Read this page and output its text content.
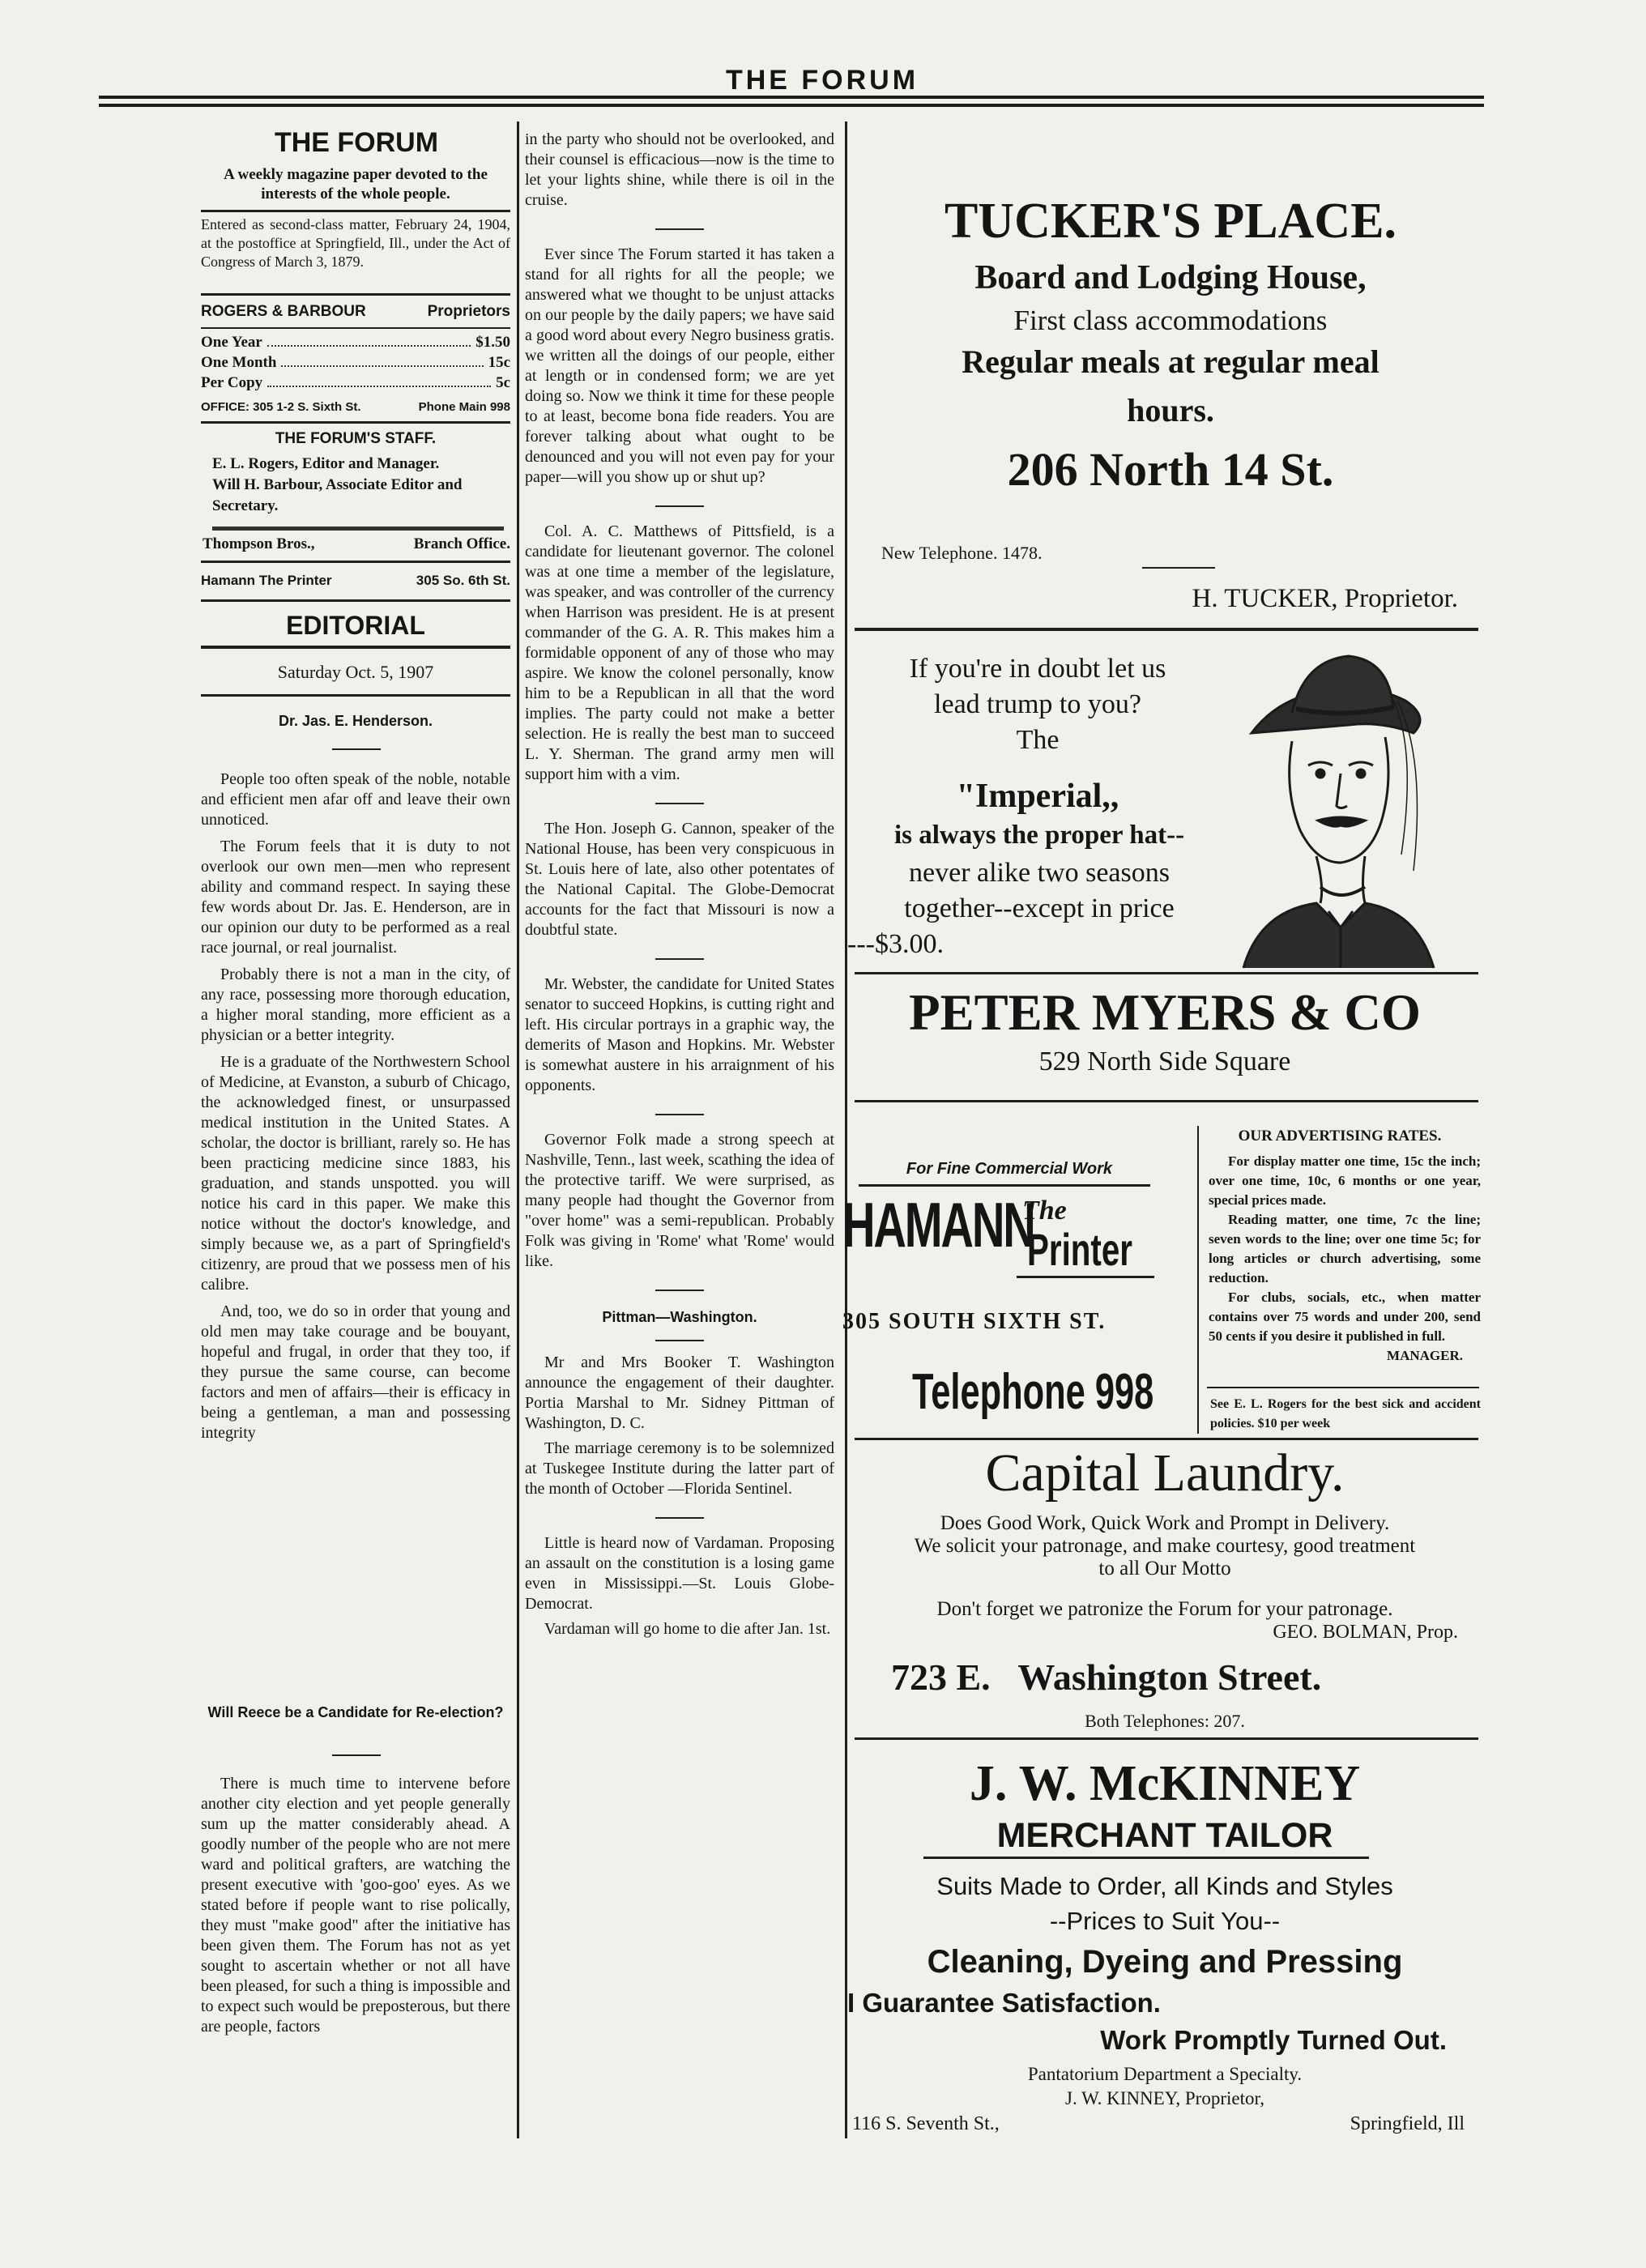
THE FORUM
THE FORUM
A weekly magazine paper devoted to the interests of the whole people.
Entered as second-class matter, February 24, 1904, at the postoffice at Springfield, Ill., under the Act of Congress of March 3, 1879.
ROGERS & BARBOUR	Proprietors
One Year	$1.50
One Month	15c
Per Copy	5c
OFFICE: 305 1-2 S. Sixth St.	Phone Main 998
THE FORUM'S STAFF.
E. L. Rogers, Editor and Manager.
Will H. Barbour, Associate Editor and Secretary.
Thompson Bros.,	Branch Office.
Hamann The Printer	305 So. 6th St.
EDITORIAL
Saturday Oct. 5, 1907
Dr. Jas. E. Henderson.

People too often speak of the noble, notable and efficient men afar off and leave their own unnoticed.

The Forum feels that it is duty to not overlook our own men—men who represent ability and command respect. In saying these few words about Dr. Jas. E. Henderson, are in our opinion our duty to be performed as a real race journal, or real journalist.

Probably there is not a man in the city, of any race, possessing more thorough education, a higher moral standing, more efficient as a physician or a better integrity.

He is a graduate of the Northwestern School of Medicine, at Evanston, a suburb of Chicago, the acknowledged finest, or unsurpassed medical institution in the United States. A scholar, the doctor is brilliant, rarely so. He has been practicing medicine since 1883, his graduation, and stands unspotted. you will notice his card in this paper. We make this notice without the doctor's knowledge, and simply because we, as a part of Springfield's citizenry, are proud that we possess men of his calibre.

And, too, we do so in order that young and old men may take courage and be bouyant, hopeful and frugal, in order that they too, if they pursue the same course, can become factors and men of affairs—their is efficacy in being a gentleman, a man and possessing integrity

Will Reece be a Candidate for Re-election?

There is much time to intervene before another city election and yet people generally sum up the matter considerably ahead. A goodly number of the people who are not mere ward and political grafters, are watching the present executive with 'goo-goo' eyes. As we stated before if people want to rise polically, they must "make good" after the initiative has been given them. The Forum has not as yet sought to ascertain whether or not all have been pleased, for such a thing is impossible and to expect such would be preposterous, but there are people, factors

in the party who should not be overlooked, and their counsel is efficacious—now is the time to let your lights shine, while there is oil in the cruise.

Ever since The Forum started it has taken a stand for all rights for all the people; we answered what we thought to be unjust attacks on our people by the daily papers; we have said a good word about every Negro business gratis. we written all the doings of our people, either at length or in condensed form; we are yet doing so. Now we think it time for these people to at least, become bona fide readers. You are forever talking about what ought to be denounced and you will not even pay for your paper—will you show up or shut up?

Col. A. C. Matthews of Pittsfield, is a candidate for lieutenant governor. The colonel was at one time a member of the legislature, was speaker, and was controller of the currency when Harrison was president. He is at present commander of the G. A. R. This makes him a formidable opponent of any of those who may aspire. We know the colonel personally, know him to be a Republican in all that the word implies. The party could not make a better selection. He is really the best man to succeed L. Y. Sherman. The grand army men will support him with a vim.

The Hon. Joseph G. Cannon, speaker of the National House, has been very conspicuous in St. Louis here of late, also other potentates of the National Capital. The Globe-Democrat accounts for the fact that Missouri is now a doubtful state.

Mr. Webster, the candidate for United States senator to succeed Hopkins, is cutting right and left. His circular portrays in a graphic way, the demerits of Mason and Hopkins. Mr. Webster is somewhat austere in his arraignment of his opponents.

Governor Folk made a strong speech at Nashville, Tenn., last week, scathing the idea of the protective tariff. We were surprised, as many people had thought the Governor from "over home" was a semi-republican. Probably Folk was giving in 'Rome' what 'Rome' would like.

Pittman—Washington.

Mr and Mrs Booker T. Washington announce the engagement of their daughter. Portia Marshal to Mr. Sidney Pittman of Washington, D. C.

The marriage ceremony is to be solemnized at Tuskegee Institute during the latter part of the month of October —Florida Sentinel.

Little is heard now of Vardaman. Proposing an assault on the constitution is a losing game even in Mississippi.—St. Louis Globe-Democrat.

Vardaman will go home to die after Jan. 1st.

TUCKER'S PLACE.
Board and Lodging House,
First class accommodations
Regular meals at regular meal
hours.
206 North 14 St.
New Telephone. 1478.
H. TUCKER, Proprietor.
If you're in doubt let us
lead trump to you?
The
"Imperial,,
is always the proper hat--
never alike two seasons
together--except in price
---$3.00.
PETER MYERS & CO
529 North Side Square
For Fine Commercial Work
HAMANN
The
Printer
305 SOUTH SIXTH ST.
Telephone 998
OUR ADVERTISING RATES.

For display matter one time, 15c the inch; over one time, 10c, 6 months or one year, special prices made.

Reading matter, one time, 7c the line; seven words to the line; over one time 5c; for long articles or church advertising, some reduction.

For clubs, socials, etc., when matter contains over 75 words and under 200, send 50 cents if you desire it published in full.

MANAGER.
See E. L. Rogers for the best sick and accident policies. $10 per week
Capital Laundry.
Does Good Work, Quick Work and Prompt in Delivery.
We solicit your patronage, and make courtesy, good treatment
to all Our Motto
Don't forget we patronize the Forum for your patronage.
GEO. BOLMAN, Prop.
723 E.   Washington Street.
Both Telephones: 207.
J. W. McKINNEY
MERCHANT TAILOR
Suits Made to Order, all Kinds and Styles
--Prices to Suit You--
Cleaning, Dyeing and Pressing
I Guarantee Satisfaction.
Work Promptly Turned Out.
Pantatorium Department a Specialty.
J. W. KINNEY, Proprietor,
116 S. Seventh St.,	Springfield, Ill
